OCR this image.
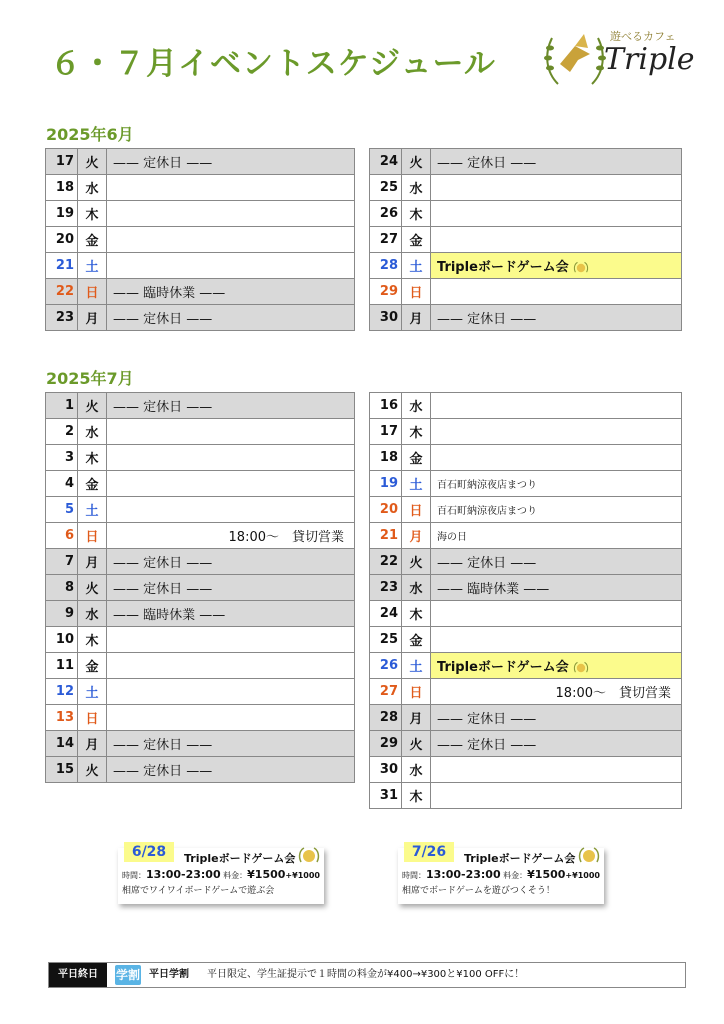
６・７月イベントスケジュール
遊べるカフェ
Triple
2025年6月
17	火	—— 定休日 ——
18	水	
19	木	
20	金	
21	土	
22	日	—— 臨時休業 ——
23	月	—— 定休日 ——
24	火	—— 定休日 ——
25	水	
26	木	
27	金	
28	土	Tripleボードゲーム会
29	日	
30	月	—— 定休日 ——
2025年7月
1	火	—— 定休日 ——
2	水	
3	木	
4	金	
5	土	
6	日	18:00〜　貸切営業
7	月	—— 定休日 ——
8	火	—— 定休日 ——
9	水	—— 臨時休業 ——
10	木	
11	金	
12	土	
13	日	
14	月	—— 定休日 ——
15	火	—— 定休日 ——
16	水	
17	木	
18	金	
19	土	百石町納涼夜店まつり
20	日	百石町納涼夜店まつり
21	月	海の日
22	火	—— 定休日 ——
23	水	—— 臨時休業 ——
24	木	
25	金	
26	土	Tripleボードゲーム会
27	日	18:00〜　貸切営業
28	月	—— 定休日 ——
29	火	—— 定休日 ——
30	水	
31	木	
6/28	Tripleボードゲーム会
時間：13:00-23:00 料金：¥1500+¥1000
相席でワイワイボードゲームで遊ぶ会
7/26	Tripleボードゲーム会
時間：13:00-23:00 料金：¥1500+¥1000
相席でボードゲームを遊びつくそう！
平日終日	学割 平日学割 平日限定、学生証提示で１時間の料金が¥400→¥300と¥100 OFFに！
